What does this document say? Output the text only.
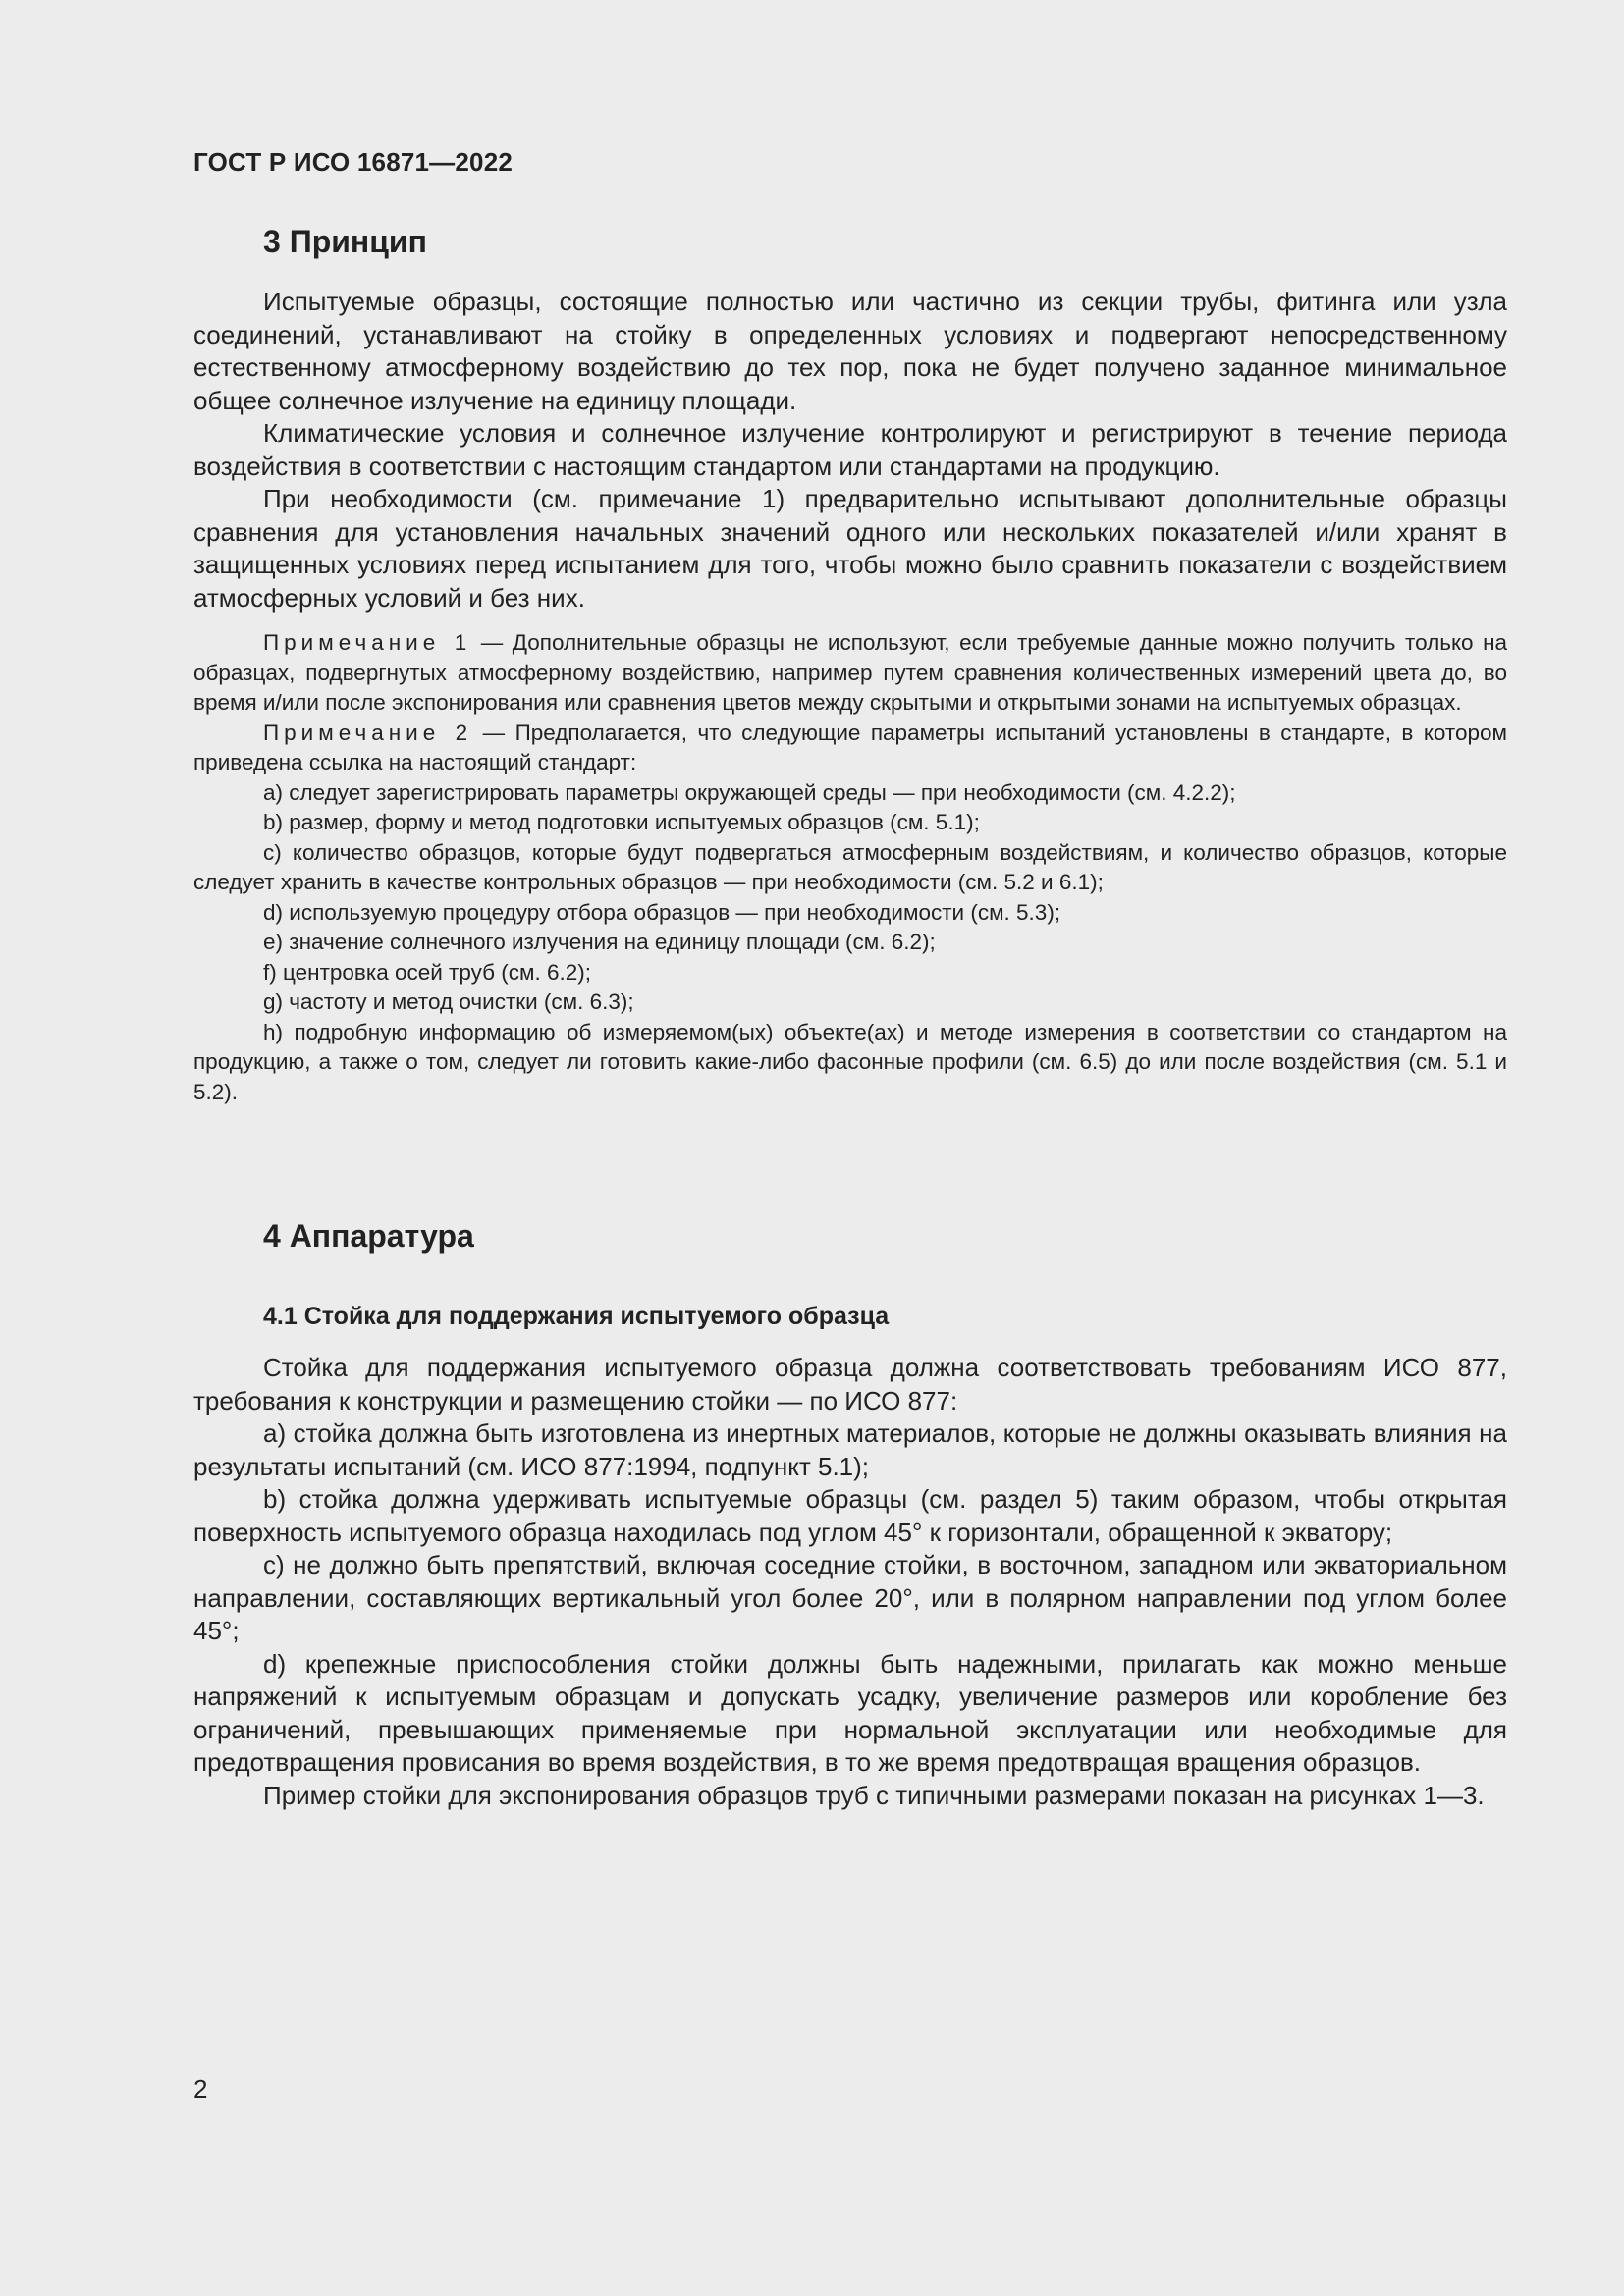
ГОСТ Р ИСО 16871—2022
3 Принцип

Испытуемые образцы, состоящие полностью или частично из секции трубы, фитинга или узла соединений, устанавливают на стойку в определенных условиях и подвергают непосредственному естественному атмосферному воздействию до тех пор, пока не будет получено заданное минимальное общее солнечное излучение на единицу площади.

Климатические условия и солнечное излучение контролируют и регистрируют в течение периода воздействия в соответствии с настоящим стандартом или стандартами на продукцию.

При необходимости (см. примечание 1) предварительно испытывают дополнительные образцы сравнения для установления начальных значений одного или нескольких показателей и/или хранят в защищенных условиях перед испытанием для того, чтобы можно было сравнить показатели с воздействием атмосферных условий и без них.

Примечание 1 — Дополнительные образцы не используют, если требуемые данные можно получить только на образцах, подвергнутых атмосферному воздействию, например путем сравнения количественных измерений цвета до, во время и/или после экспонирования или сравнения цветов между скрытыми и открытыми зонами на испытуемых образцах.

Примечание 2 — Предполагается, что следующие параметры испытаний установлены в стандарте, в котором приведена ссылка на настоящий стандарт:

a) следует зарегистрировать параметры окружающей среды — при необходимости (см. 4.2.2);

b) размер, форму и метод подготовки испытуемых образцов (см. 5.1);

c) количество образцов, которые будут подвергаться атмосферным воздействиям, и количество образцов, которые следует хранить в качестве контрольных образцов — при необходимости (см. 5.2 и 6.1);

d) используемую процедуру отбора образцов — при необходимости (см. 5.3);

e) значение солнечного излучения на единицу площади (см. 6.2);

f) центровка осей труб (см. 6.2);

g) частоту и метод очистки (см. 6.3);

h) подробную информацию об измеряемом(ых) объекте(ах) и методе измерения в соответствии со стандартом на продукцию, а также о том, следует ли готовить какие-либо фасонные профили (см. 6.5) до или после воздействия (см. 5.1 и 5.2).

4 Аппаратура
4.1 Стойка для поддержания испытуемого образца

Стойка для поддержания испытуемого образца должна соответствовать требованиям ИСО 877, требования к конструкции и размещению стойки — по ИСО 877:

a) стойка должна быть изготовлена из инертных материалов, которые не должны оказывать влияния на результаты испытаний (см. ИСО 877:1994, подпункт 5.1);

b) стойка должна удерживать испытуемые образцы (см. раздел 5) таким образом, чтобы открытая поверхность испытуемого образца находилась под углом 45° к горизонтали, обращенной к экватору;

c) не должно быть препятствий, включая соседние стойки, в восточном, западном или экваториальном направлении, составляющих вертикальный угол более 20°, или в полярном направлении под углом более 45°;

d) крепежные приспособления стойки должны быть надежными, прилагать как можно меньше напряжений к испытуемым образцам и допускать усадку, увеличение размеров или коробление без ограничений, превышающих применяемые при нормальной эксплуатации или необходимые для предотвращения провисания во время воздействия, в то же время предотвращая вращения образцов.

Пример стойки для экспонирования образцов труб с типичными размерами показан на рисунках 1—3.

2
